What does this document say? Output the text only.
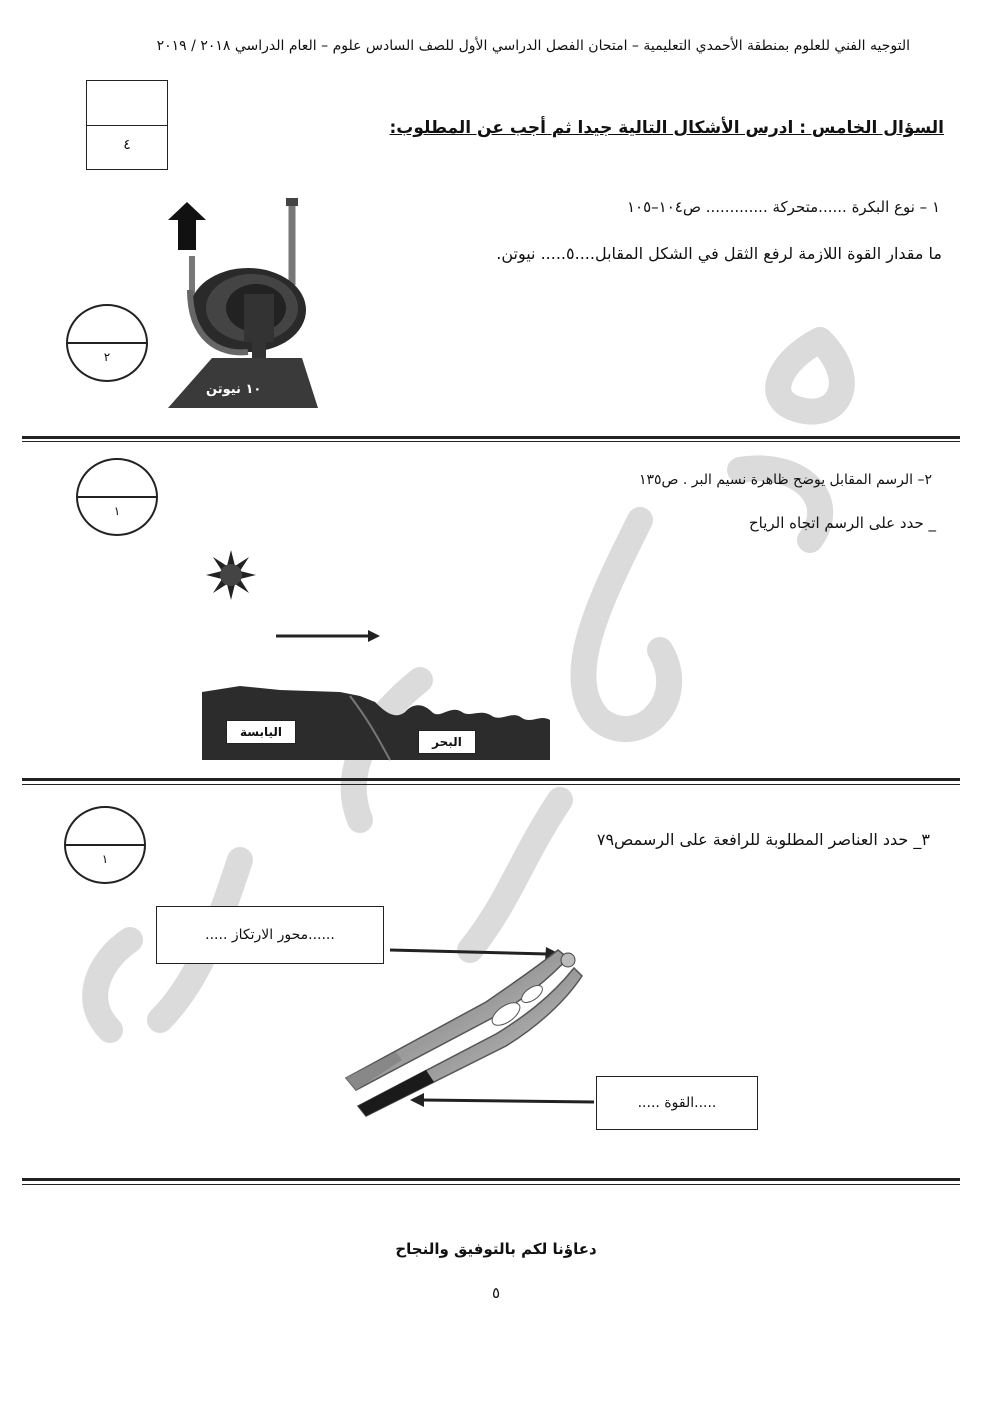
التوجيه الفني للعلوم بمنطقة الأحمدي التعليمية – امتحان الفصل الدراسي الأول للصف السادس علوم – العام الدراسي ٢٠١٨ / ٢٠١٩
٤
السؤال الخامس : ادرس الأشكال التالية جيدا ثم أجب عن المطلوب:
١ – نوع البكرة ......متحركة ............. ص١٠٤–١٠٥
ما مقدار القوة اللازمة لرفع الثقل في الشكل المقابل....٥..... نيوتن.
٢
١٠ نيوتن
٢– الرسم المقابل يوضح ظاهرة نسيم البر . ص١٣٥
_ حدد على الرسم اتجاه الرياح
١
اليابسة
البحر
٣_ حدد العناصر المطلوبة للرافعة على الرسمص٧٩
١
......محور الارتكاز .....
.....القوة .....
دعاؤنا لكم بالتوفيق والنجاح
٥
